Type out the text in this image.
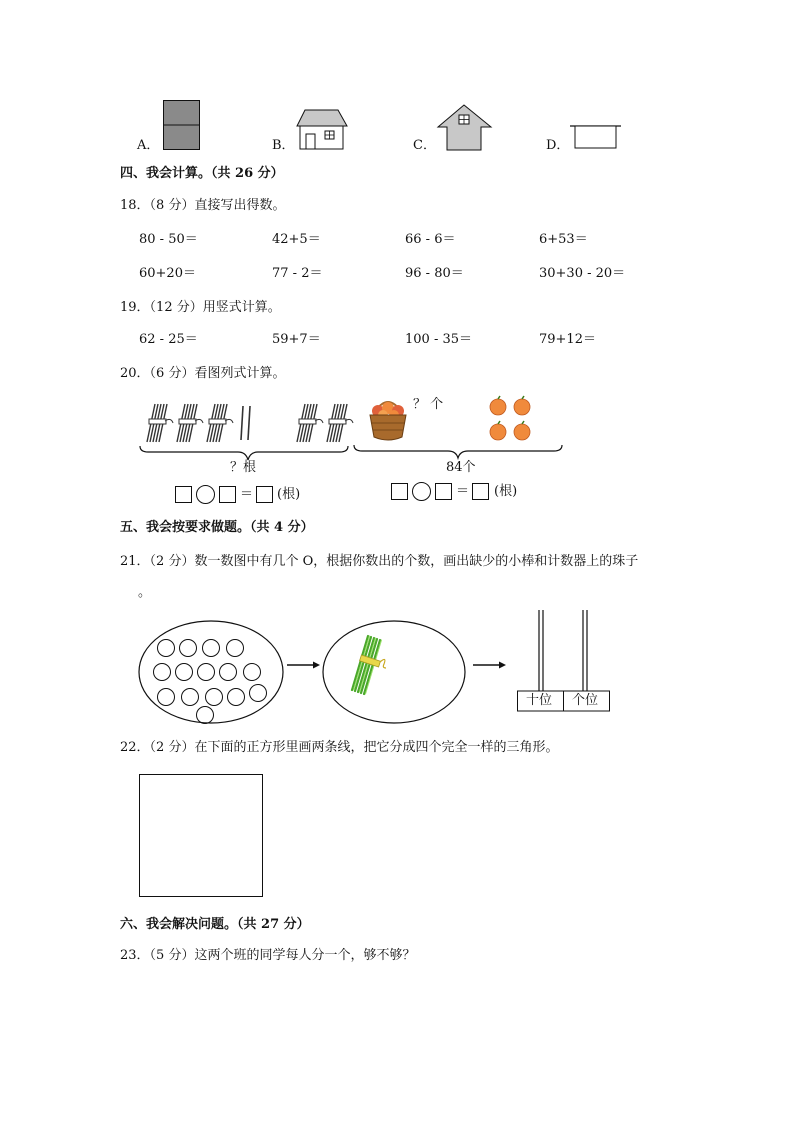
A．	B．	C．	D．
四、我会计算。（共 26 分）
18．（8 分）直接写出得数。
80 - 50＝	42+5＝	66 - 6＝	6+53＝
60+20＝	77 - 2＝	96 - 80＝	30+30 - 20＝
19．（12 分）用竖式计算。
62 - 25＝	59+7＝	100 - 35＝	79+12＝
20．（6 分）看图列式计算。
？根
＝ (根)
？ 个
84个
＝ (根)
五、我会按要求做题。（共 4 分）
21．（2 分）数一数图中有几个 O，根据你数出的个数，画出缺少的小棒和计数器上的珠子
。
十位 个位
22．（2 分）在下面的正方形里画两条线，把它分成四个完全一样的三角形。
六、我会解决问题。（共 27 分）
23．（5 分）这两个班的同学每人分一个，够不够？
